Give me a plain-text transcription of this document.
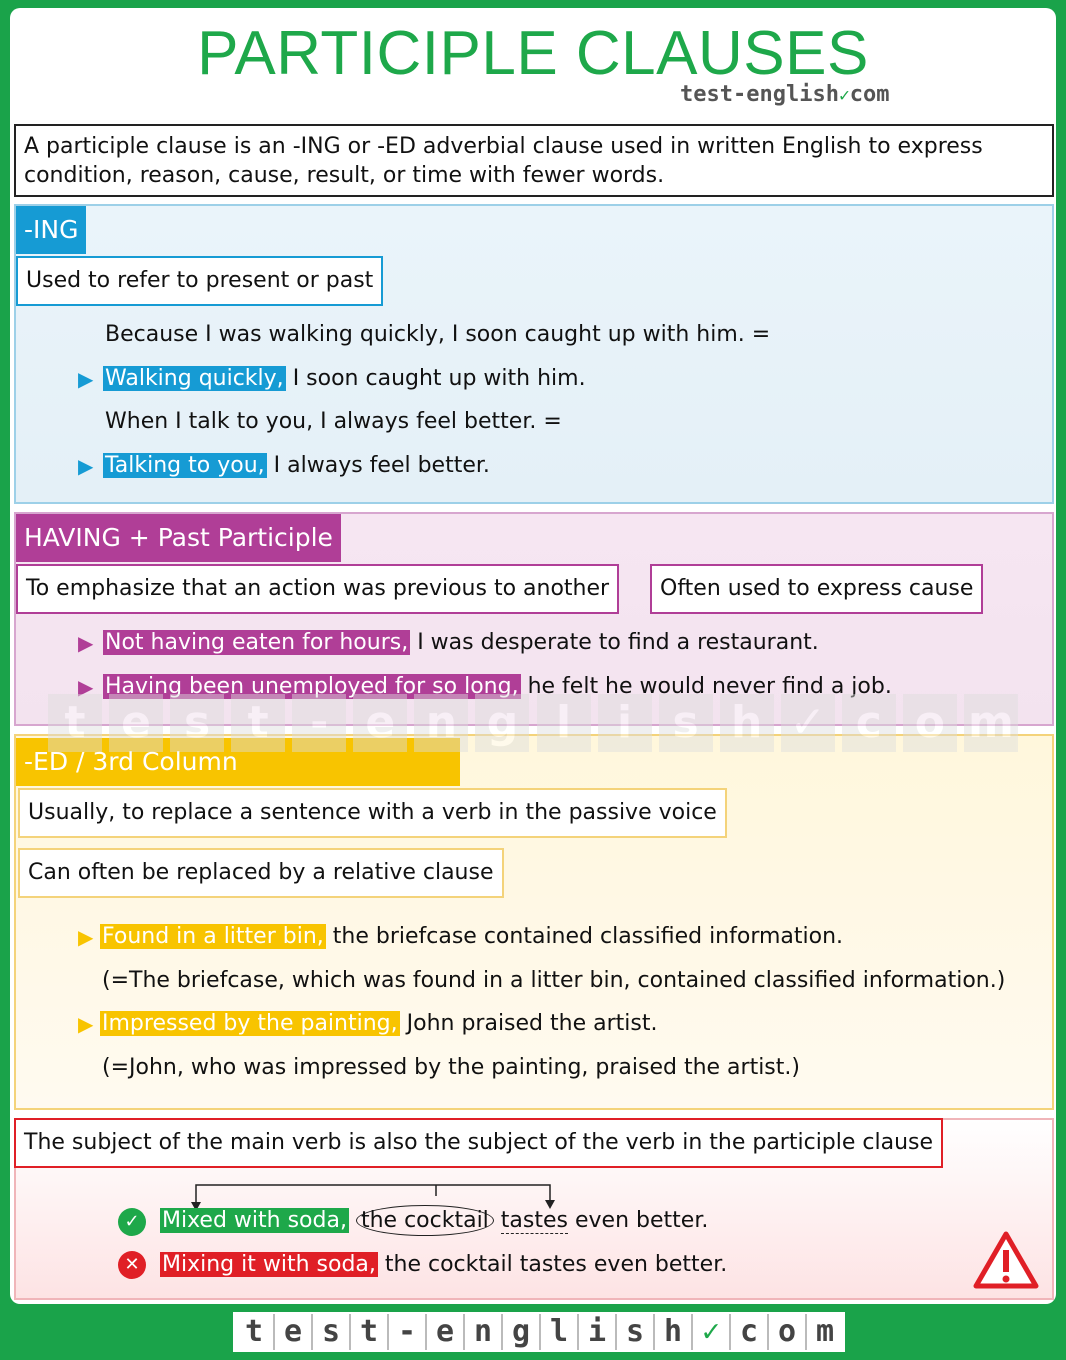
PARTICIPLE CLAUSES
test-english✓com
A participle clause is an -ING or -ED adverbial clause used in written English to express condition, reason, cause, result, or time with fewer words.
-ING
Used to refer to present or past
Because I was walking quickly, I soon caught up with him. =
▶ Walking quickly, I soon caught up with him.
When I talk to you, I always feel better. =
▶ Talking to you, I always feel better.
HAVING + Past Participle
To emphasize that an action was previous to another	Often used to express cause
▶ Not having eaten for hours, I was desperate to find a restaurant.
▶ Having been unemployed for so long, he felt he would never find a job.
-ED / 3rd Column
Usually, to replace a sentence with a verb in the passive voice
Can often be replaced by a relative clause
▶ Found in a litter bin, the briefcase contained classified information.
(=The briefcase, which was found in a litter bin, contained classified information.)
▶ Impressed by the painting, John praised the artist.
(=John, who was impressed by the painting, praised the artist.)
The subject of the main verb is also the subject of the verb in the participle clause
✓ Mixed with soda, the cocktail tastes even better.
✕ Mixing it with soda, the cocktail tastes even better.
t e s t - e n g l	i s h ✓ c o m
t e s t - e n g l i s h ✓ c o m
